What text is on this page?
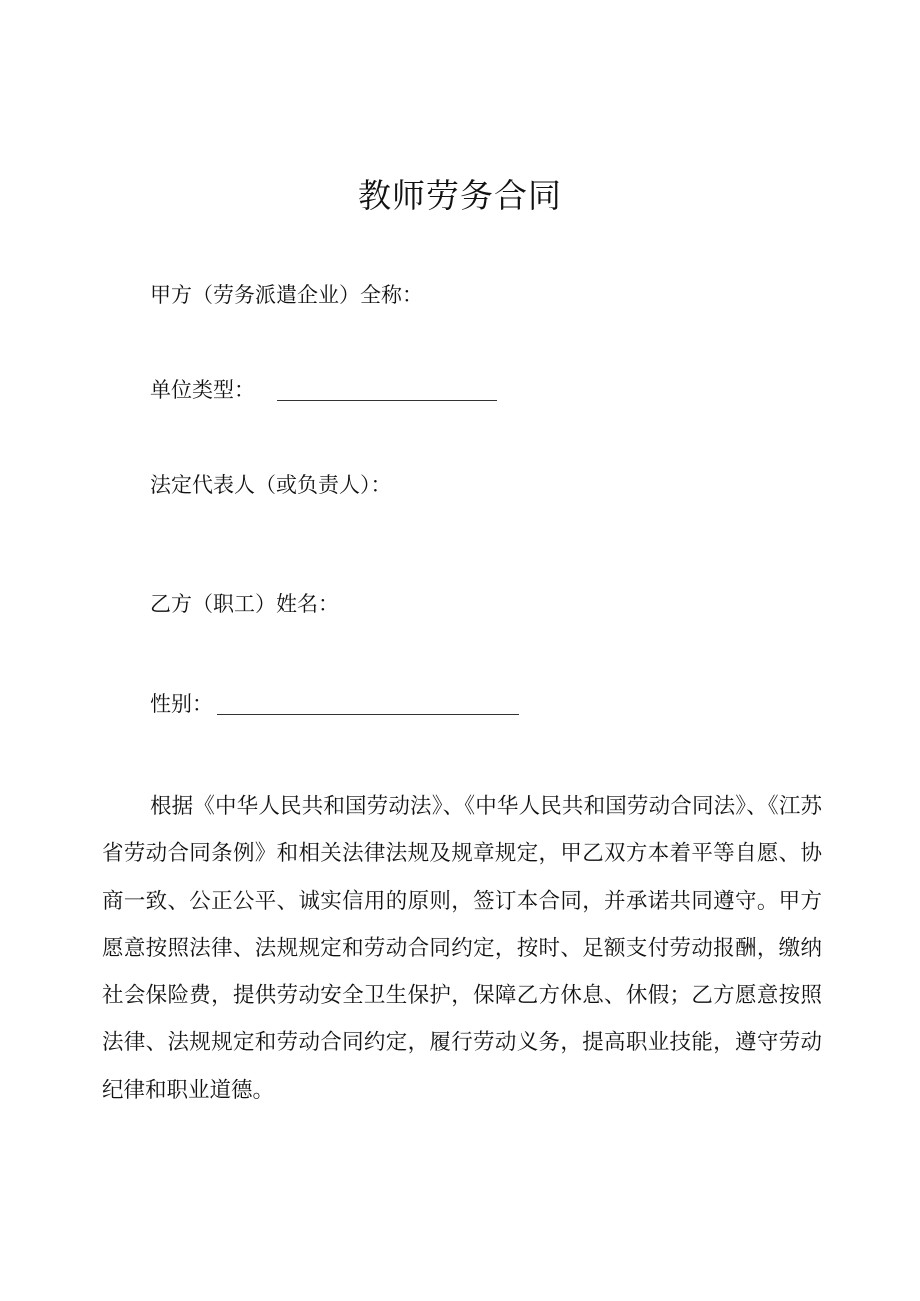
教师劳务合同
甲方（劳务派遣企业）全称：
单位类型：
法定代表人（或负责人）：
乙方（职工）姓名：
性别：

根据《中华人民共和国劳动法》、《中华人民共和国劳动合同法》、《江苏省劳动合同条例》和相关法律法规及规章规定，甲乙双方本着平等自愿、协商一致、公正公平、诚实信用的原则，签订本合同，并承诺共同遵守。甲方愿意按照法律、法规规定和劳动合同约定，按时、足额支付劳动报酬，缴纳社会保险费，提供劳动安全卫生保护，保障乙方休息、休假；乙方愿意按照法律、法规规定和劳动合同约定，履行劳动义务，提高职业技能，遵守劳动纪律和职业道德。
